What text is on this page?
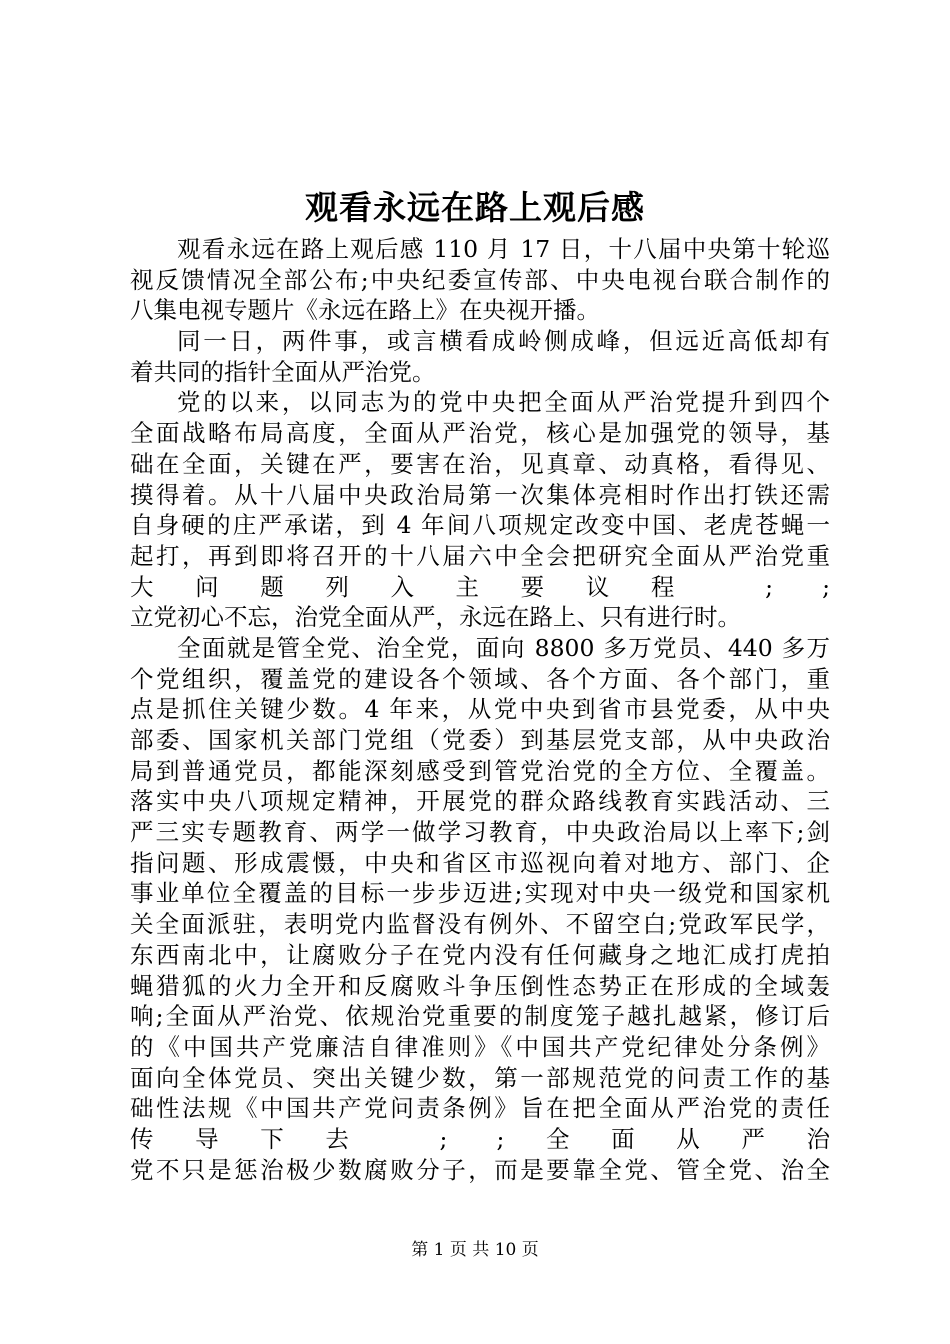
观看永远在路上观后感
观看永远在路上观后感 110 月 17 日，十八届中央第十轮巡
视反馈情况全部公布;中央纪委宣传部、中央电视台联合制作的
八集电视专题片《永远在路上》在央视开播。
同一日，两件事，或言横看成岭侧成峰，但远近高低却有
着共同的指针全面从严治党。
党的以来，以同志为的党中央把全面从严治党提升到四个
全面战略布局高度，全面从严治党，核心是加强党的领导，基
础在全面，关键在严，要害在治，见真章、动真格，看得见、
摸得着。从十八届中央政治局第一次集体亮相时作出打铁还需
自身硬的庄严承诺，到 4 年间八项规定改变中国、老虎苍蝇一
起打，再到即将召开的十八届六中全会把研究全面从严治党重
大问题列入主要议程 ; ;
立党初心不忘，治党全面从严，永远在路上、只有进行时。
全面就是管全党、治全党，面向 8800 多万党员、440 多万
个党组织，覆盖党的建设各个领域、各个方面、各个部门，重
点是抓住关键少数。4 年来，从党中央到省市县党委，从中央
部委、国家机关部门党组（党委）到基层党支部，从中央政治
局到普通党员，都能深刻感受到管党治党的全方位、全覆盖。
落实中央八项规定精神，开展党的群众路线教育实践活动、三
严三实专题教育、两学一做学习教育，中央政治局以上率下;剑
指问题、形成震慑，中央和省区市巡视向着对地方、部门、企
事业单位全覆盖的目标一步步迈进;实现对中央一级党和国家机
关全面派驻，表明党内监督没有例外、不留空白;党政军民学，
东西南北中，让腐败分子在党内没有任何藏身之地汇成打虎拍
蝇猎狐的火力全开和反腐败斗争压倒性态势正在形成的全域轰
响;全面从严治党、依规治党重要的制度笼子越扎越紧，修订后
的《中国共产党廉洁自律准则》《中国共产党纪律处分条例》
面向全体党员、突出关键少数，第一部规范党的问责工作的基
础性法规《中国共产党问责条例》旨在把全面从严治党的责任
传导下去 ; ;全面从严治
党不只是惩治极少数腐败分子，而是要靠全党、管全党、治全
第 1 页 共 10 页
